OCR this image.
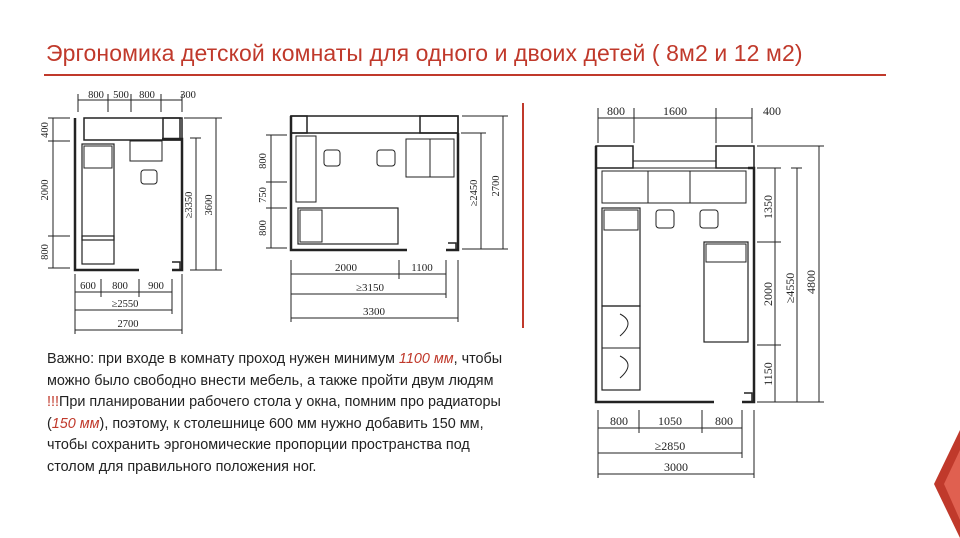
Эргономика детской комнаты для одного и двоих детей ( 8м2 и 12 м2)
800 500 800 300
400
2000
800
≥3350 3600
600 800 900
≥2550
2700
800
750
800
≥2450 2700
2000	1100
≥3150
3300
800	1600	400
1350
2000
1150
≥4550 4800
800	1050	800
≥2850
3000

Важно: при входе в комнату проход нужен минимум 1100 мм, чтобы можно было свободно внести мебель, а также пройти двум людям

!!!При планировании рабочего стола у окна, помним про радиаторы (150 мм), поэтому, к столешнице 600 мм нужно добавить 150 мм, чтобы сохранить эргономические пропорции пространства под столом для правильного положения ног.
